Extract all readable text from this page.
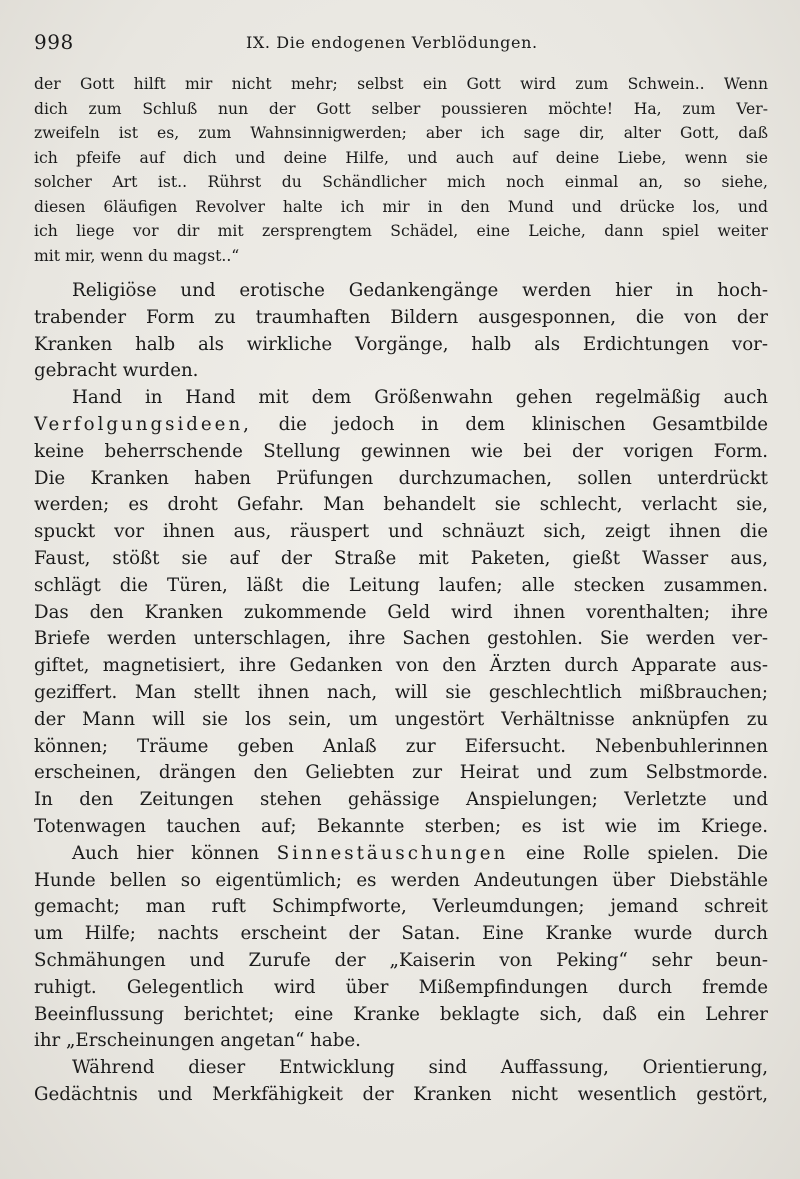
998	IX. Die endogenen Verblödungen.

der Gott hilft mir nicht mehr; selbst ein Gott wird zum Schwein.. Wenn
dich zum Schluß nun der Gott selber poussieren möchte! Ha, zum Ver-
zweifeln ist es, zum Wahnsinnigwerden; aber ich sage dir, alter Gott, daß
ich pfeife auf dich und deine Hilfe, und auch auf deine Liebe, wenn sie
solcher Art ist.. Rührst du Schändlicher mich noch einmal an, so siehe,
diesen 6läufigen Revolver halte ich mir in den Mund und drücke los, und
ich liege vor dir mit zersprengtem Schädel, eine Leiche, dann spiel weiter
mit mir, wenn du magst..“

Religiöse und erotische Gedankengänge werden hier in hoch-
trabender Form zu traumhaften Bildern ausgesponnen, die von der
Kranken halb als wirkliche Vorgänge, halb als Erdichtungen vor-
gebracht wurden.

Hand in Hand mit dem Größenwahn gehen regelmäßig auch
Verfolgungsideen, die jedoch in dem klinischen Gesamtbilde
keine beherrschende Stellung gewinnen wie bei der vorigen Form.
Die Kranken haben Prüfungen durchzumachen, sollen unterdrückt
werden; es droht Gefahr. Man behandelt sie schlecht, verlacht sie,
spuckt vor ihnen aus, räuspert und schnäuzt sich, zeigt ihnen die
Faust, stößt sie auf der Straße mit Paketen, gießt Wasser aus,
schlägt die Türen, läßt die Leitung laufen; alle stecken zusammen.
Das den Kranken zukommende Geld wird ihnen vorenthalten; ihre
Briefe werden unterschlagen, ihre Sachen gestohlen. Sie werden ver-
giftet, magnetisiert, ihre Gedanken von den Ärzten durch Apparate aus-
geziffert. Man stellt ihnen nach, will sie geschlechtlich mißbrauchen;
der Mann will sie los sein, um ungestört Verhältnisse anknüpfen zu
können; Träume geben Anlaß zur Eifersucht. Nebenbuhlerinnen
erscheinen, drängen den Geliebten zur Heirat und zum Selbstmorde.
In den Zeitungen stehen gehässige Anspielungen; Verletzte und
Totenwagen tauchen auf; Bekannte sterben; es ist wie im Kriege.

Auch hier können Sinnestäuschungen eine Rolle spielen. Die
Hunde bellen so eigentümlich; es werden Andeutungen über Diebstähle
gemacht; man ruft Schimpfworte, Verleumdungen; jemand schreit
um Hilfe; nachts erscheint der Satan. Eine Kranke wurde durch
Schmähungen und Zurufe der „Kaiserin von Peking“ sehr beun-
ruhigt. Gelegentlich wird über Mißempfindungen durch fremde
Beeinflussung berichtet; eine Kranke beklagte sich, daß ein Lehrer
ihr „Erscheinungen angetan“ habe.

Während dieser Entwicklung sind Auffassung, Orientierung,
Gedächtnis und Merkfähigkeit der Kranken nicht wesentlich gestört,
